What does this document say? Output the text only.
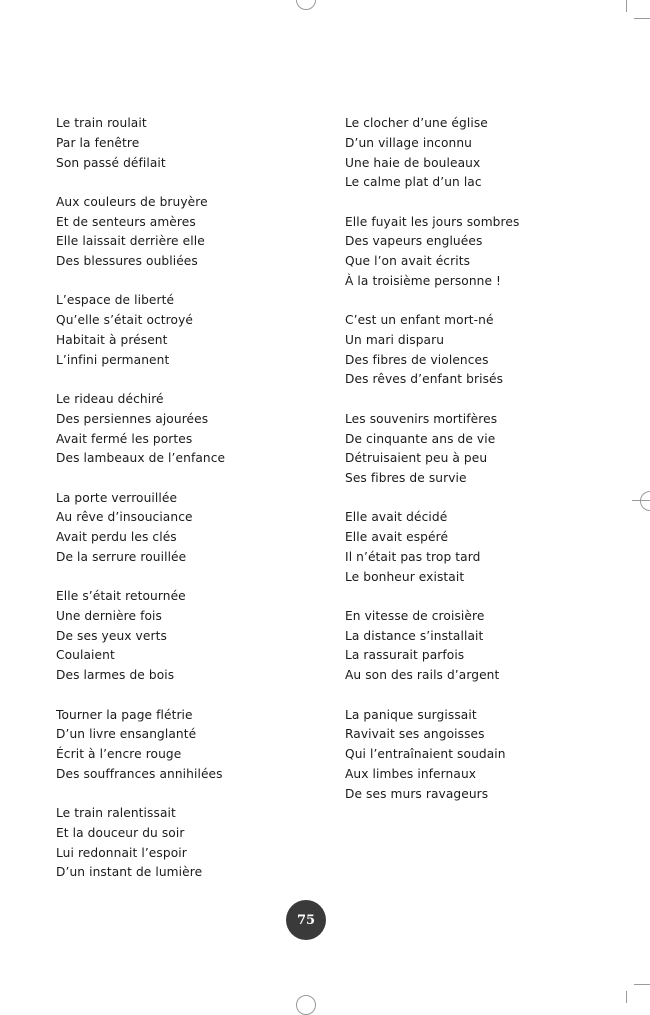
Le train roulait
Par la fenêtre
Son passé défilait
Aux couleurs de bruyère
Et de senteurs amères
Elle laissait derrière elle
Des blessures oubliées
L’espace de liberté
Qu’elle s’était octroyé
Habitait à présent
L’infini permanent
Le rideau déchiré
Des persiennes ajourées
Avait fermé les portes
Des lambeaux de l’enfance
La porte verrouillée
Au rêve d’insouciance
Avait perdu les clés
De la serrure rouillée
Elle s’était retournée
Une dernière fois
De ses yeux verts
Coulaient
Des larmes de bois
Tourner la page flétrie
D’un livre ensanglanté
Écrit à l’encre rouge
Des souffrances annihilées
Le train ralentissait
Et la douceur du soir
Lui redonnait l’espoir
D’un instant de lumière
Le clocher d’une église
D’un village inconnu
Une haie de bouleaux
Le calme plat d’un lac
Elle fuyait les jours sombres
Des vapeurs engluées
Que l’on avait écrits
À la troisième personne !
C’est un enfant mort-né
Un mari disparu
Des fibres de violences
Des rêves d’enfant brisés
Les souvenirs mortifères
De cinquante ans de vie
Détruisaient peu à peu
Ses fibres de survie
Elle avait décidé
Elle avait espéré
Il n’était pas trop tard
Le bonheur existait
En vitesse de croisière
La distance s’installait
La rassurait parfois
Au son des rails d’argent
La panique surgissait
Ravivait ses angoisses
Qui l’entraînaient soudain
Aux limbes infernaux
De ses murs ravageurs
75
